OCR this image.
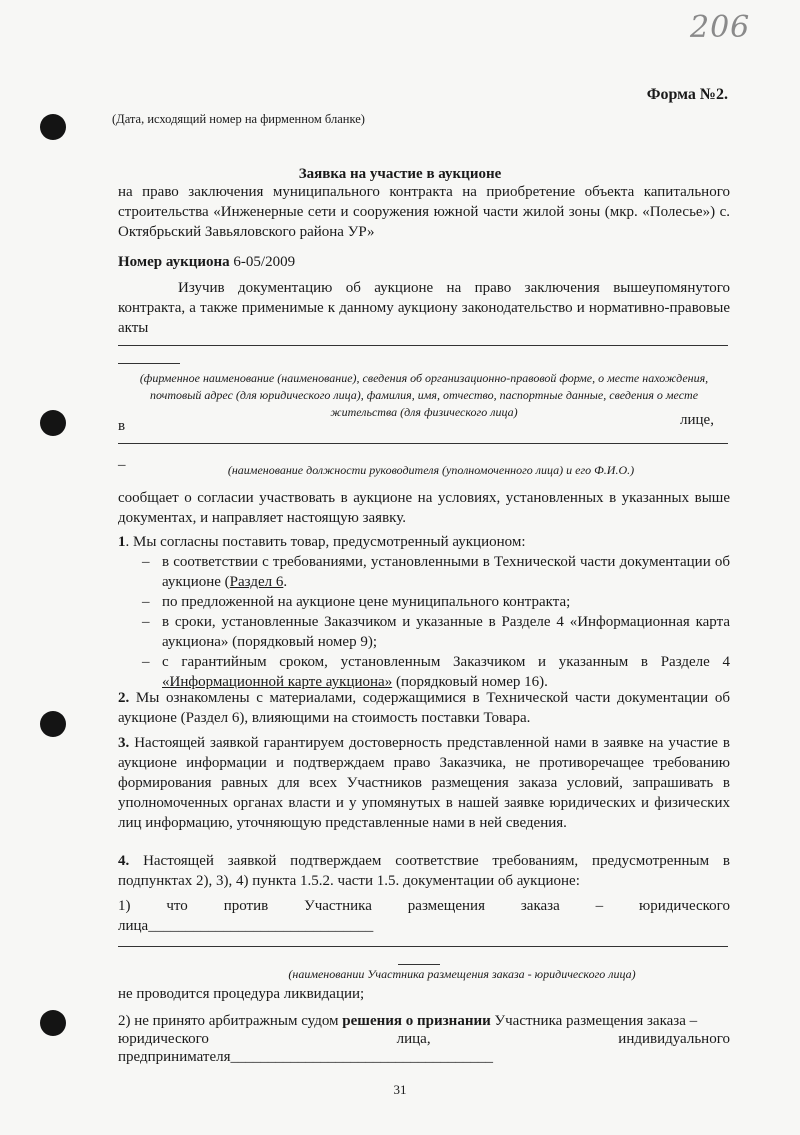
206
Форма №2.
(Дата, исходящий номер на фирменном бланке)
Заявка на участие в аукционе
на право заключения муниципального контракта на приобретение объекта капитального строительства «Инженерные сети и сооружения южной части жилой зоны (мкр. «Полесье») с. Октябрьский Завьяловского района УР»
Номер аукциона 6-05/2009
Изучив документацию об аукционе на право заключения вышеупомянутого контракта, а также применимые к данному аукциону законодательство и нормативно-правовые акты
(фирменное наименование (наименование), сведения об организационно-правовой форме, о месте нахождения, почтовый адрес (для юридического лица), фамилия, имя, отчество, паспортные данные, сведения о месте жительства (для физического лица)
в	лице,
–	(наименование должности руководителя (уполномоченного лица) и его Ф.И.О.)
сообщает о согласии участвовать в аукционе на условиях, установленных в указанных выше документах, и направляет настоящую заявку.
1. Мы согласны поставить товар, предусмотренный аукционом:
– в соответствии с требованиями, установленными в Технической части документации об аукционе (Раздел 6.
– по предложенной на аукционе цене муниципального контракта;
– в сроки, установленные Заказчиком и указанные в Разделе 4 «Информационная карта аукциона» (порядковый номер 9);
– с гарантийным сроком, установленным Заказчиком и указанным в Разделе 4 «Информационной карте аукциона» (порядковый номер 16).
2. Мы ознакомлены с материалами, содержащимися в Технической части документации об аукционе (Раздел 6), влияющими на стоимость поставки Товара.
3. Настоящей заявкой гарантируем достоверность представленной нами в заявке на участие в аукционе информации и подтверждаем право Заказчика, не противоречащее требованию формирования равных для всех Участников размещения заказа условий, запрашивать в уполномоченных органах власти и у упомянутых в нашей заявке юридических и физических лиц информацию, уточняющую представленные нами в ней сведения.
4. Настоящей заявкой подтверждаем соответствие требованиям, предусмотренным в подпунктах 2), 3), 4) пункта 1.5.2. части 1.5. документации об аукционе:
1) что против Участника размещения заказа – юридического
лица______________________________
(наименовании Участника размещения заказа - юридического лица)
не проводится процедура ликвидации;
2) не принято арбитражным судом решения о признании Участника размещения заказа –
юридического	лица,	индивидуального
предпринимателя___________________________________
31
